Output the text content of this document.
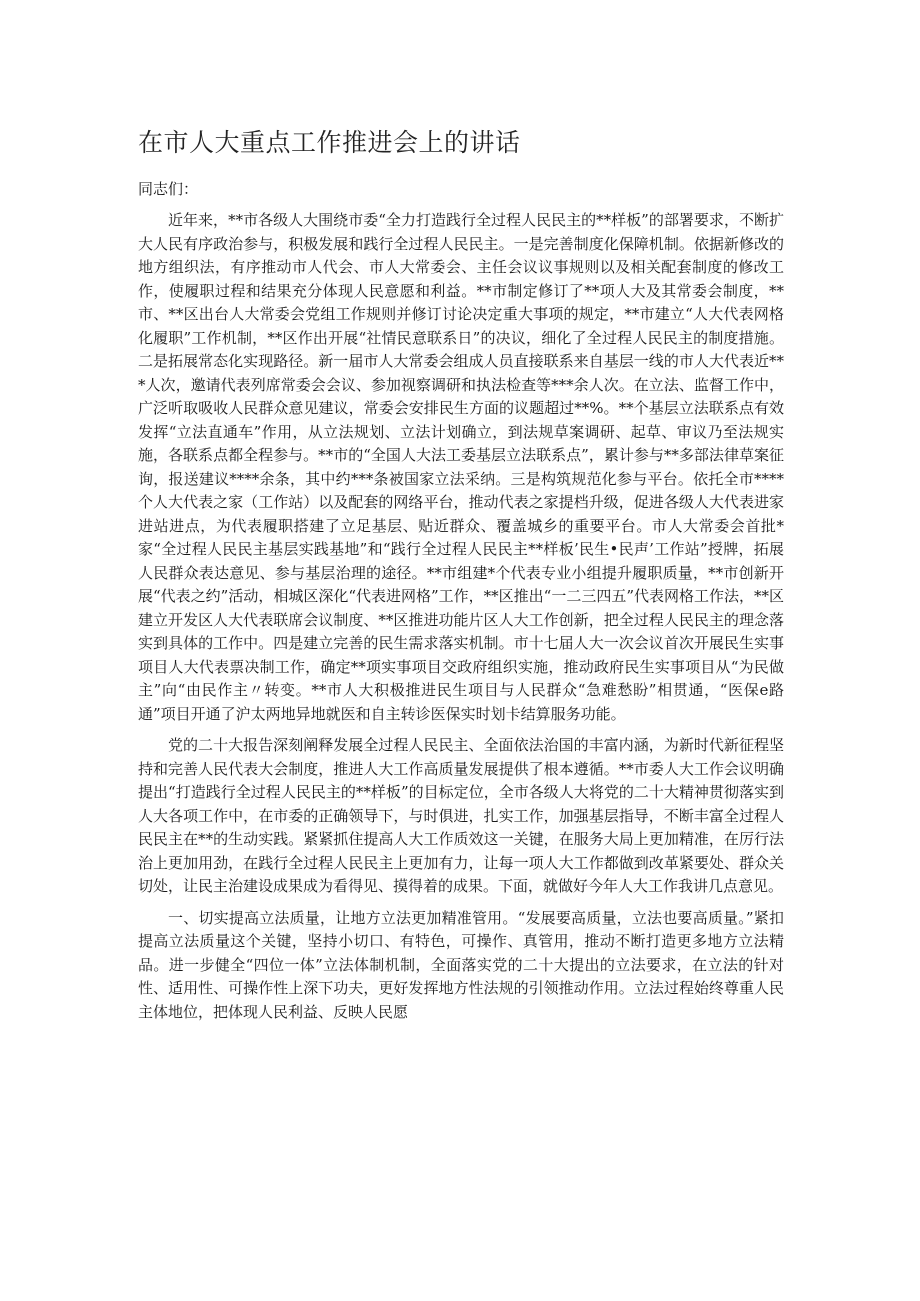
在市人大重点工作推进会上的讲话

同志们：

近年来，**市各级人大围绕市委“全力打造践行全过程人民民主的**样板”的部署要求，不断扩大人民有序政治参与，积极发展和践行全过程人民民主。一是完善制度化保障机制。依据新修改的地方组织法，有序推动市人代会、市人大常委会、主任会议议事规则以及相关配套制度的修改工作，使履职过程和结果充分体现人民意愿和利益。**市制定修订了**项人大及其常委会制度，**市、**区出台人大常委会党组工作规则并修订讨论决定重大事项的规定，**市建立“人大代表网格化履职”工作机制，**区作出开展“社情民意联系日”的决议，细化了全过程人民民主的制度措施。二是拓展常态化实现路径。新一届市人大常委会组成人员直接联系来自基层一线的市人大代表近***人次，邀请代表列席常委会会议、参加视察调研和执法检查等***余人次。在立法、监督工作中，广泛听取吸收人民群众意见建议，常委会安排民生方面的议题超过**%。**个基层立法联系点有效发挥“立法直通车”作用，从立法规划、立法计划确立，到法规草案调研、起草、审议乃至法规实施，各联系点都全程参与。**市的“全国人大法工委基层立法联系点”，累计参与**多部法律草案征询，报送建议****余条，其中约***条被国家立法采纳。三是构筑规范化参与平台。依托全市****个人大代表之家（工作站）以及配套的网络平台，推动代表之家提档升级，促进各级人大代表进家进站进点，为代表履职搭建了立足基层、贴近群众、覆盖城乡的重要平台。市人大常委会首批*家“全过程人民民主基层实践基地”和“践行全过程人民民主**样板’民生•民声’工作站”授牌，拓展人民群众表达意见、参与基层治理的途径。**市组建*个代表专业小组提升履职质量，**市创新开展“代表之约”活动，相城区深化“代表进网格”工作，**区推出“一二三四五”代表网格工作法，**区建立开发区人大代表联席会议制度、**区推进功能片区人大工作创新，把全过程人民民主的理念落实到具体的工作中。四是建立完善的民生需求落实机制。市十七届人大一次会议首次开展民生实事项目人大代表票决制工作，确定**项实事项目交政府组织实施，推动政府民生实事项目从“为民做主”向“由民作主〃转变。**市人大积极推进民生项目与人民群众“急难愁盼”相贯通，“医保e路通”项目开通了沪太两地异地就医和自主转诊医保实时划卡结算服务功能。

党的二十大报告深刻阐释发展全过程人民民主、全面依法治国的丰富内涵，为新时代新征程坚持和完善人民代表大会制度，推进人大工作高质量发展提供了根本遵循。**市委人大工作会议明确提出“打造践行全过程人民民主的**样板”的目标定位，全市各级人大将党的二十大精神贯彻落实到人大各项工作中，在市委的正确领导下，与时俱进，扎实工作，加强基层指导，不断丰富全过程人民民主在**的生动实践。紧紧抓住提高人大工作质效这一关键，在服务大局上更加精准，在厉行法治上更加用劲，在践行全过程人民民主上更加有力，让每一项人大工作都做到改革紧要处、群众关切处，让民主治建设成果成为看得见、摸得着的成果。下面，就做好今年人大工作我讲几点意见。

一、切实提高立法质量，让地方立法更加精准管用。“发展要高质量，立法也要高质量。”紧扣提高立法质量这个关键，坚持小切口、有特色，可操作、真管用，推动不断打造更多地方立法精品。进一步健全“四位一体”立法体制机制，全面落实党的二十大提出的立法要求，在立法的针对性、适用性、可操作性上深下功夫，更好发挥地方性法规的引领推动作用。立法过程始终尊重人民主体地位，把体现人民利益、反映人民愿
